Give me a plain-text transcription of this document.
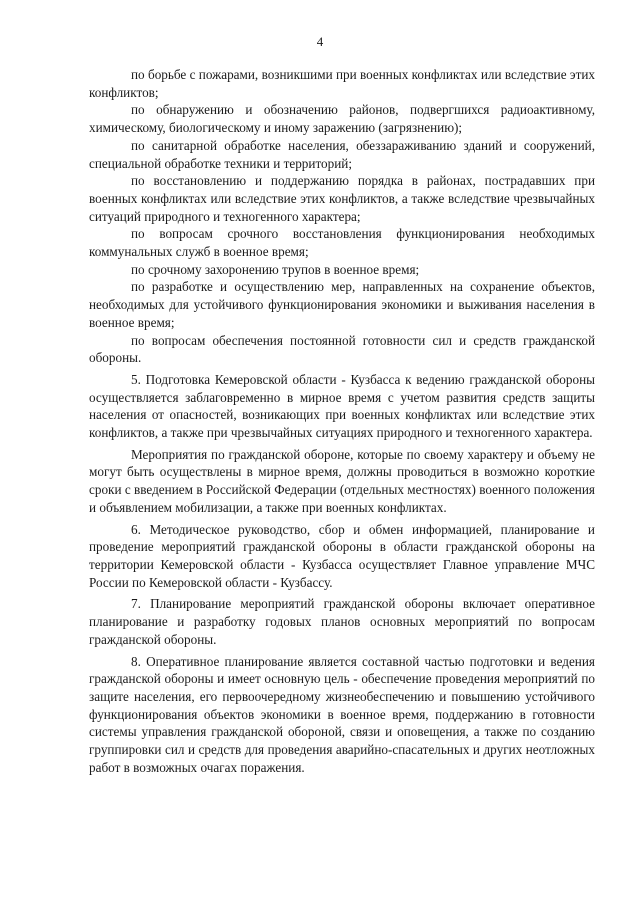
4

по борьбе с пожарами, возникшими при военных конфликтах или вследствие этих конфликтов;

по обнаружению и обозначению районов, подвергшихся радиоактивному, химическому, биологическому и иному заражению (загрязнению);

по санитарной обработке населения, обеззараживанию зданий и сооружений, специальной обработке техники и территорий;

по восстановлению и поддержанию порядка в районах, пострадавших при военных конфликтах или вследствие этих конфликтов, а также вследствие чрезвычайных ситуаций природного и техногенного характера;

по вопросам срочного восстановления функционирования необходимых коммунальных служб в военное время;

по срочному захоронению трупов в военное время;

по разработке и осуществлению мер, направленных на сохранение объектов, необходимых для устойчивого функционирования экономики и выживания населения в военное время;

по вопросам обеспечения постоянной готовности сил и средств гражданской обороны.

5. Подготовка Кемеровской области - Кузбасса к ведению гражданской обороны осуществляется заблаговременно в мирное время с учетом развития средств защиты населения от опасностей, возникающих при военных конфликтах или вследствие этих конфликтов, а также при чрезвычайных ситуациях природного и техногенного характера.

Мероприятия по гражданской обороне, которые по своему характеру и объему не могут быть осуществлены в мирное время, должны проводиться в возможно короткие сроки с введением в Российской Федерации (отдельных местностях) военного положения и объявлением мобилизации, а также при военных конфликтах.

6. Методическое руководство, сбор и обмен информацией, планирование и проведение мероприятий гражданской обороны в области гражданской обороны на территории Кемеровской области - Кузбасса осуществляет Главное управление МЧС России по Кемеровской области - Кузбассу.

7. Планирование мероприятий гражданской обороны включает оперативное планирование и разработку годовых планов основных мероприятий по вопросам гражданской обороны.

8. Оперативное планирование является составной частью подготовки и ведения гражданской обороны и имеет основную цель - обеспечение проведения мероприятий по защите населения, его первоочередному жизнеобеспечению и повышению устойчивого функционирования объектов экономики в военное время, поддержанию в готовности системы управления гражданской обороной, связи и оповещения, а также по созданию группировки сил и средств для проведения аварийно-спасательных и других неотложных работ в возможных очагах поражения.
